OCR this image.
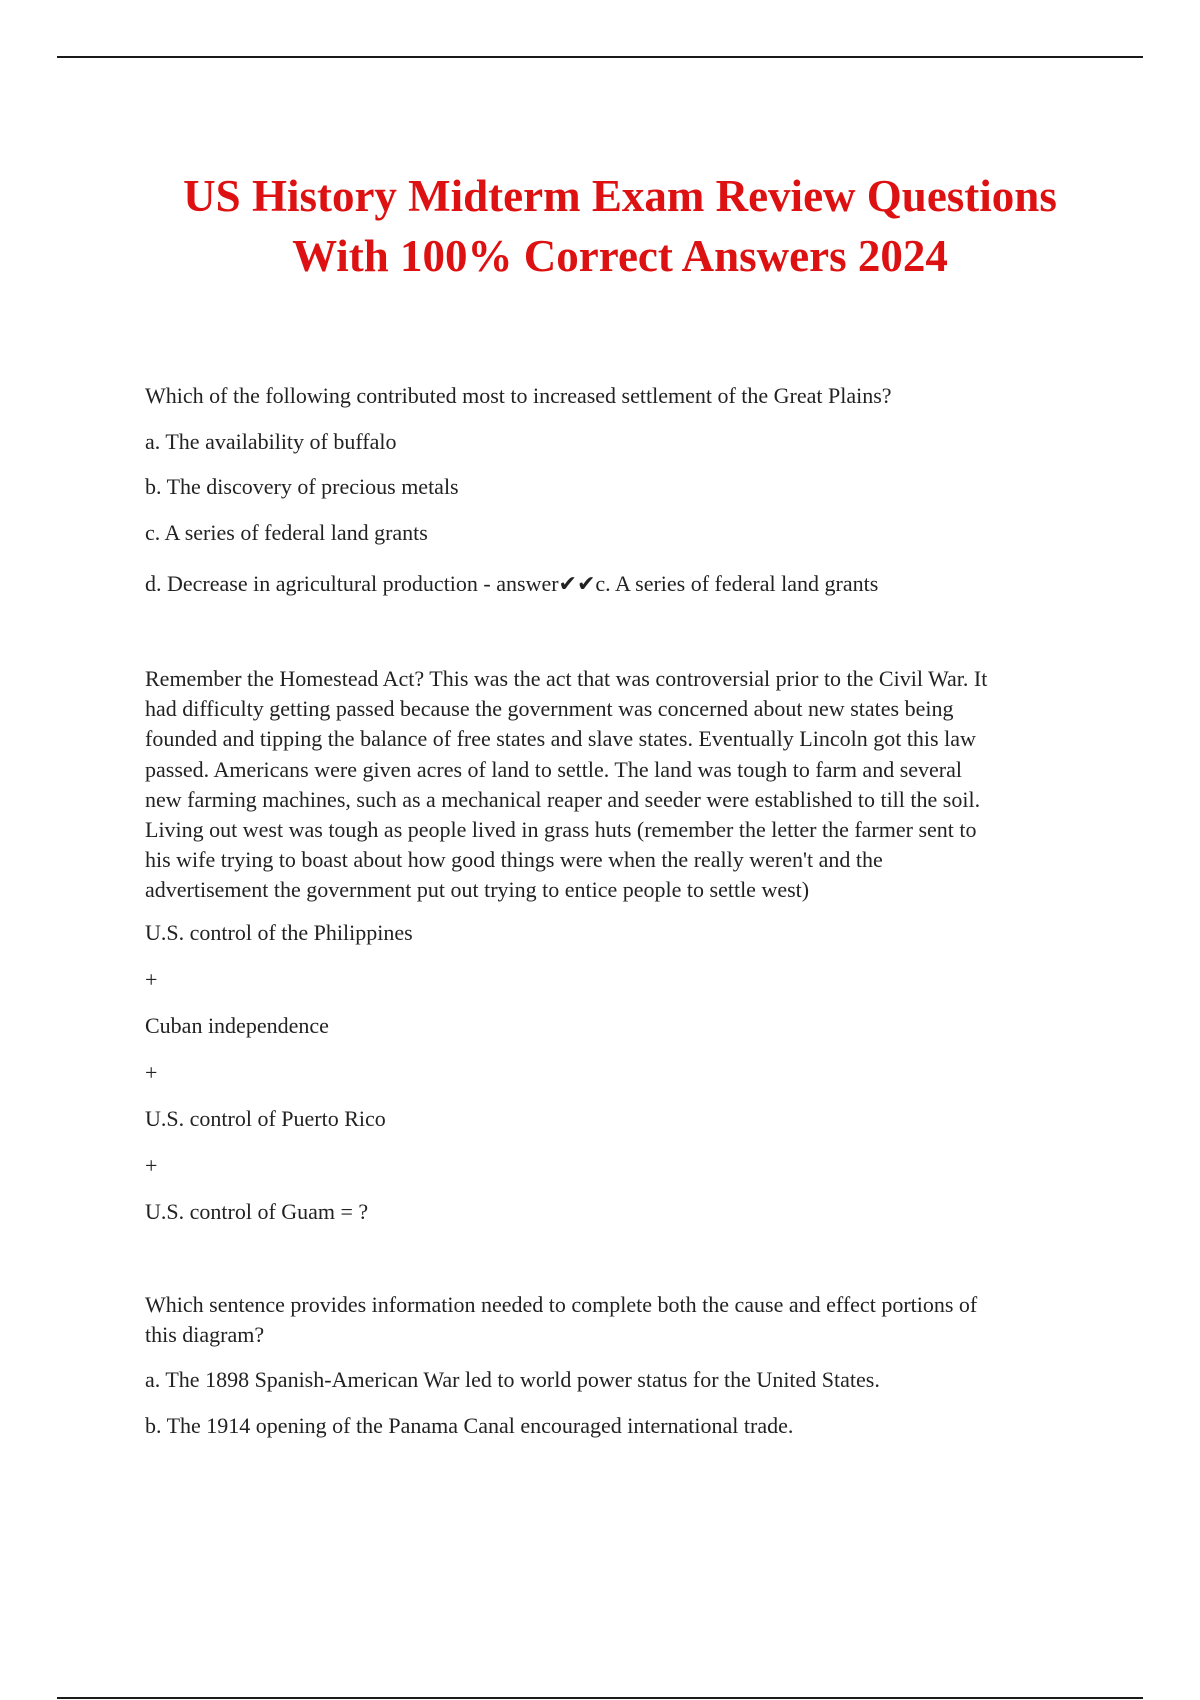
US History Midterm Exam Review Questions
With 100% Correct Answers 2024
Which of the following contributed most to increased settlement of the Great Plains?
a. The availability of buffalo
b. The discovery of precious metals
c. A series of federal land grants
d. Decrease in agricultural production - answer✔✔c. A series of federal land grants
Remember the Homestead Act? This was the act that was controversial prior to the Civil War. It
had difficulty getting passed because the government was concerned about new states being
founded and tipping the balance of free states and slave states. Eventually Lincoln got this law
passed. Americans were given acres of land to settle. The land was tough to farm and several
new farming machines, such as a mechanical reaper and seeder were established to till the soil.
Living out west was tough as people lived in grass huts (remember the letter the farmer sent to
his wife trying to boast about how good things were when the really weren't and the
advertisement the government put out trying to entice people to settle west)
U.S. control of the Philippines
+
Cuban independence
+
U.S. control of Puerto Rico
+
U.S. control of Guam = ?
Which sentence provides information needed to complete both the cause and effect portions of
this diagram?
a. The 1898 Spanish-American War led to world power status for the United States.
b. The 1914 opening of the Panama Canal encouraged international trade.
